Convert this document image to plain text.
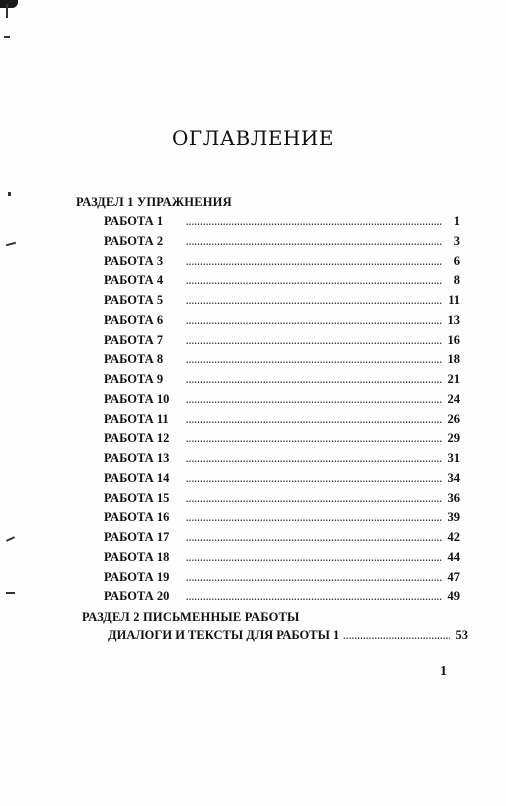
ОГЛАВЛЕНИЕ
РАЗДЕЛ 1 УПРАЖНЕНИЯ
РАБОТА 1 .....	1
РАБОТА 2 .....	3
РАБОТА 3 .....	6
РАБОТА 4 .....	8
РАБОТА 5 .....	11
РАБОТА 6 .....	13
РАБОТА 7 .....	16
РАБОТА 8 .....	18
РАБОТА 9 .....	21
РАБОТА 10 .....	24
РАБОТА 11 .....	26
РАБОТА 12 .....	29
РАБОТА 13 .....	31
РАБОТА 14 .....	34
РАБОТА 15 .....	36
РАБОТА 16 .....	39
РАБОТА 17 .....	42
РАБОТА 18 .....	44
РАБОТА 19 .....	47
РАБОТА 20 .....	49
РАЗДЕЛ 2 ПИСЬМЕННЫЕ РАБОТЫ
ДИАЛОГИ И ТЕКСТЫ ДЛЯ РАБОТЫ 1 .....	53
1
